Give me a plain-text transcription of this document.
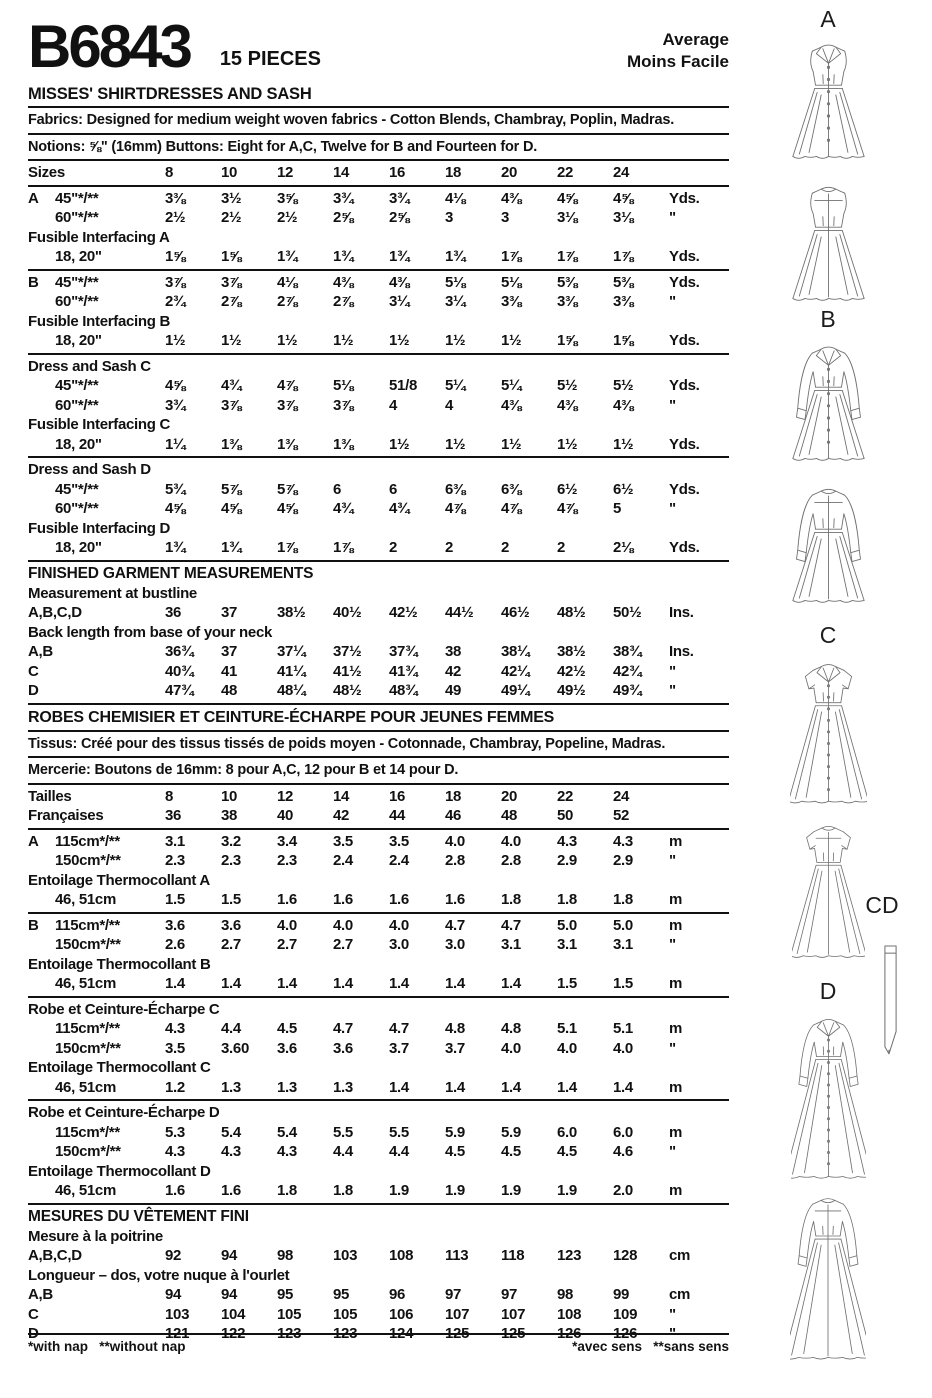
B6843 15 PIECES
Average
Moins Facile
MISSES' SHIRTDRESSES AND SASH
Fabrics: Designed for medium weight woven fabrics - Cotton Blends, Chambray, Poplin, Madras.
Notions: ⅝" (16mm) Buttons: Eight for A,C, Twelve for B and Fourteen for D.
Sizes	8	10	12	14	16	18	20	22	24
A	45"*/**	3⅜	3½	3⅝	3¾	3¾	4⅛	4⅜	4⅝	4⅝	Yds.
60"*/**	2½	2½	2½	2⅝	2⅝	3	3	3⅛	3⅛	"
Fusible Interfacing A
18, 20"	1⅝	1⅝	1¾	1¾	1¾	1¾	1⅞	1⅞	1⅞	Yds.
B	45"*/**	3⅞	3⅞	4⅛	4⅜	4⅜	5⅛	5⅛	5⅜	5⅜	Yds.
60"*/**	2¾	2⅞	2⅞	2⅞	3¼	3¼	3⅜	3⅜	3⅜	"
Fusible Interfacing B
18, 20"	1½	1½	1½	1½	1½	1½	1½	1⅝	1⅝	Yds.
Dress and Sash C
45"*/**	4⅝	4¾	4⅞	5⅛	51/8	5¼	5¼	5½	5½	Yds.
60"*/**	3¾	3⅞	3⅞	3⅞	4	4	4⅜	4⅜	4⅜	"
Fusible Interfacing C
18, 20"	1¼	1⅜	1⅜	1⅜	1½	1½	1½	1½	1½	Yds.
Dress and Sash D
45"*/**	5¾	5⅞	5⅞	6	6	6⅜	6⅜	6½	6½	Yds.
60"*/**	4⅝	4⅝	4⅝	4¾	4¾	4⅞	4⅞	4⅞	5	"
Fusible Interfacing D
18, 20"	1¾	1¾	1⅞	1⅞	2	2	2	2	2⅛	Yds.
FINISHED GARMENT MEASUREMENTS
Measurement at bustline
A,B,C,D	36	37	38½	40½	42½	44½	46½	48½	50½	Ins.
Back length from base of your neck
A,B	36¾	37	37¼	37½	37¾	38	38¼	38½	38¾	Ins.
C	40¾	41	41¼	41½	41¾	42	42¼	42½	42¾	"
D	47¾	48	48¼	48½	48¾	49	49¼	49½	49¾	"
ROBES CHEMISIER ET CEINTURE-ÉCHARPE POUR JEUNES FEMMES
Tissus: Créé pour des tissus tissés de poids moyen - Cotonnade, Chambray, Popeline, Madras.
Mercerie: Boutons de 16mm: 8 pour A,C, 12 pour B et 14 pour D.
Tailles	8	10	12	14	16	18	20	22	24
Françaises	36	38	40	42	44	46	48	50	52
A	115cm*/**	3.1	3.2	3.4	3.5	3.5	4.0	4.0	4.3	4.3	m
150cm*/**	2.3	2.3	2.3	2.4	2.4	2.8	2.8	2.9	2.9	"
Entoilage Thermocollant A
46, 51cm	1.5	1.5	1.6	1.6	1.6	1.6	1.8	1.8	1.8	m
B	115cm*/**	3.6	3.6	4.0	4.0	4.0	4.7	4.7	5.0	5.0	m
150cm*/**	2.6	2.7	2.7	2.7	3.0	3.0	3.1	3.1	3.1	"
Entoilage Thermocollant B
46, 51cm	1.4	1.4	1.4	1.4	1.4	1.4	1.4	1.5	1.5	m
Robe et Ceinture-Écharpe C
115cm*/**	4.3	4.4	4.5	4.7	4.7	4.8	4.8	5.1	5.1	m
150cm*/**	3.5	3.60	3.6	3.6	3.7	3.7	4.0	4.0	4.0	"
Entoilage Thermocollant C
46, 51cm	1.2	1.3	1.3	1.3	1.4	1.4	1.4	1.4	1.4	m
Robe et Ceinture-Écharpe D
115cm*/**	5.3	5.4	5.4	5.5	5.5	5.9	5.9	6.0	6.0	m
150cm*/**	4.3	4.3	4.3	4.4	4.4	4.5	4.5	4.5	4.6	"
Entoilage Thermocollant D
46, 51cm	1.6	1.6	1.8	1.8	1.9	1.9	1.9	1.9	2.0	m
MESURES DU VÊTEMENT FINI
Mesure à la poitrine
A,B,C,D	92	94	98	103	108	113	118	123	128	cm
Longueur – dos, votre nuque à l'ourlet
A,B	94	94	95	95	96	97	97	98	99	cm
C	103	104	105	105	106	107	107	108	109	"
D	121	122	123	123	124	125	125	126	126	"
*with nap   **without nap	*avec sens   **sans sens
A
B
C
CD
D
